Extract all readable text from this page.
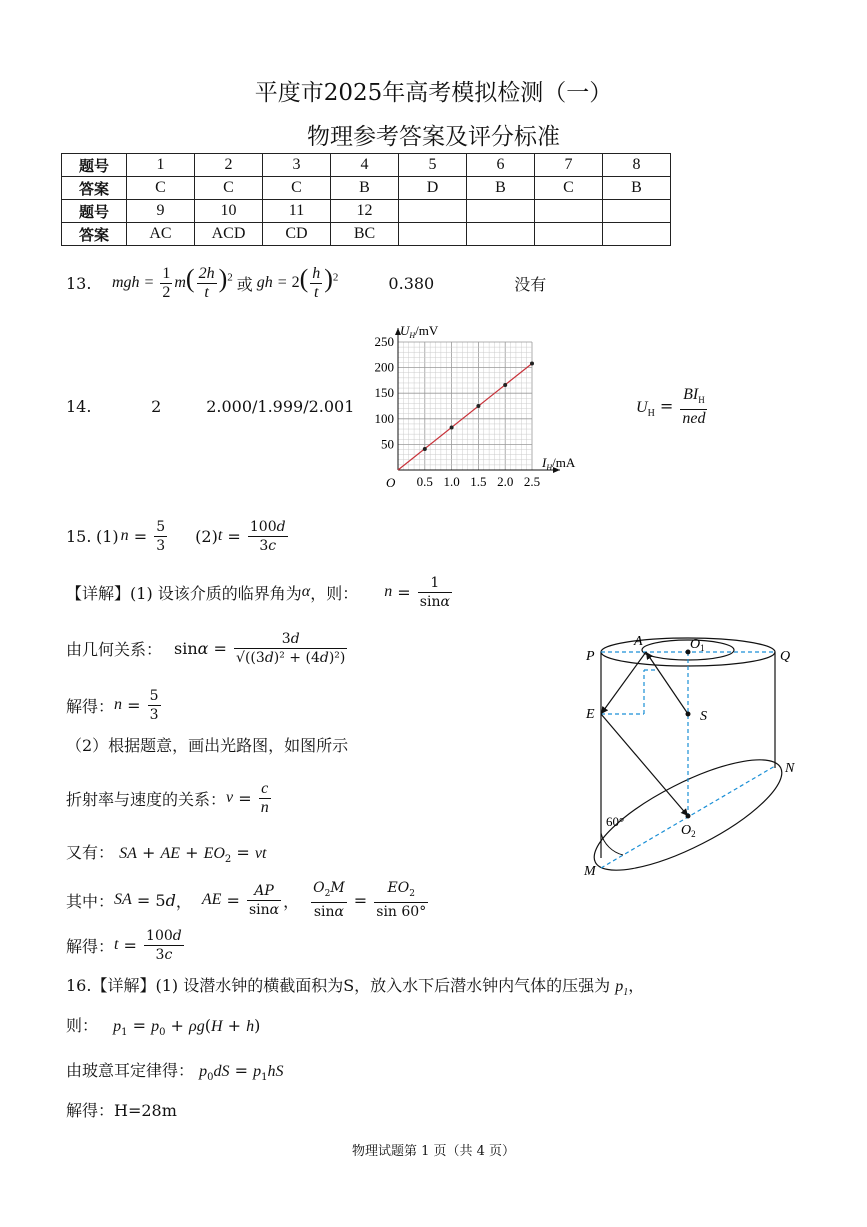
平度市2025年高考模拟检测（一）
物理参考答案及评分标准
题号	1	2	3	4	5	6	7	8
答案	C	C	C	B	D	B	C	B
题号	9	10	11	12				
答案	AC	ACD	CD	BC				
13.	mgh = $\frac{1}{2} m( \frac{2h}{t} )^2$ 或 gh = $2( \frac{h}{t} )^2$	0.380	没有
14.	2	2.000/1.999/2.001
0.5 1.0 1.5 2.0 2.5
50
100
150
200
250
$U_H/mV$
$I_H/mA$
O
$U_H = \frac{BI_H}{\text{ned}}$
15. (1) $n = \frac{5}{3} (2) t = \frac{100d}{3c}$
【详解】 (1) 设该介质的临界角为 α ，则： $n = \frac{1}{\sin\alpha}$
由几何关系： $\sin\alpha = \frac{3d}{\text{√((3d)² + (4d)²)}}$
解得： $n = \frac{5}{3}$
（2）根据题意，画出光路图，如图所示
折射率与速度的关系： $v = \frac{c}{n}$
又有： SA + AE + $EO_2$ = vt
其中： SA = 5 d ， AE = $\frac{AP}{\sin\alpha}$ ， $\frac{O_2M}{\sin\alpha} = \frac{EO_2}{\sin 60^\circ}$
解得： $t = \frac{100d}{3c}$
P
A	$O_1$
Q
E	S
N
$O_2$
M
60°
16.【详解】(1) 设潜水钟的横截面积为S，放入水下后潜水钟内气体的压强为 $p_1$，
则： $p_1 = p_0 + \rho g(H + h)$
由玻意耳定律得： $p_0dS = p_1hS$
解得：H=28m
物理试题第 1 页（共 4 页）
